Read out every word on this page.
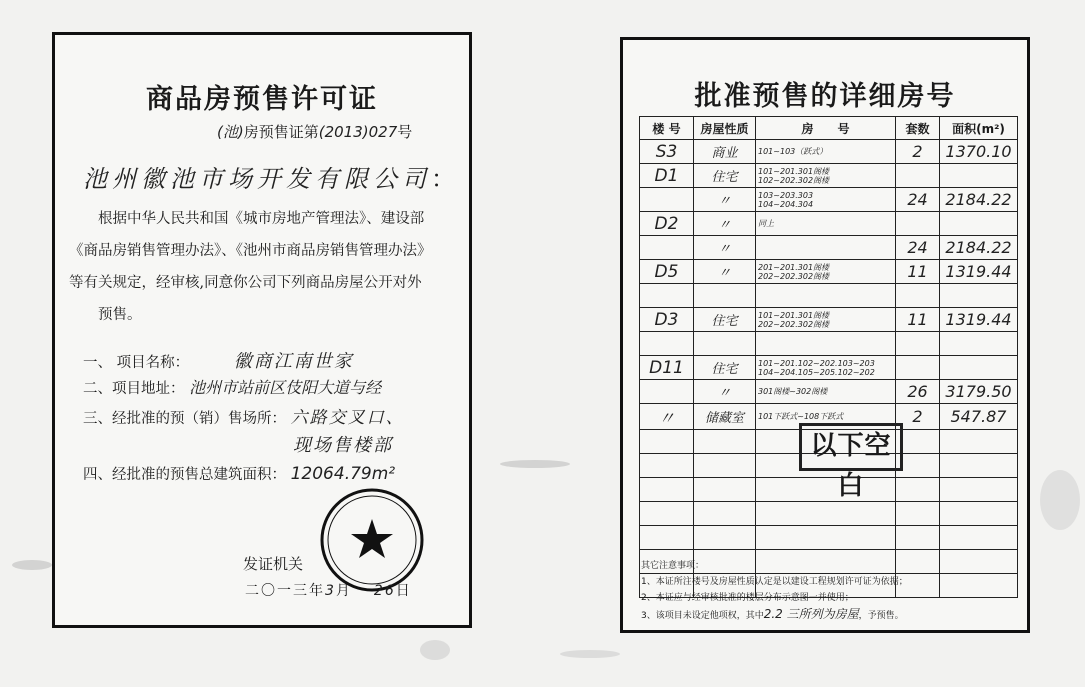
商品房预售许可证
(池)房预售证第(2013)027号
池州徽池市场开发有限公司：

根据中华人民共和国《城市房地产管理法》、建设部

《商品房销售管理办法》、《池州市商品房销售管理办法》
等有关规定，经审核,同意你公司下列商品房屋公开对外

预售。

一、 项目名称： 徽商江南世家
二、项目地址： 池州市站前区伎阳大道与经
三、经批准的预（销）售场所： 六路交叉口、
现场售楼部
四、经批准的预售总建筑面积： 12064.79m²
发证机关
二〇一三年3月 26日
批准预售的详细房号
楼 号	房屋性质	房　　号	套数	面积(m²)
S3	商业	101~103（跃式）	2	1370.10
D1	住宅	101~201.301阁楼
102~202.302阁楼		
	〃	103~203.303
104~204.304	24	2184.22
D2	〃	同上		
	〃		24	2184.22
D5	〃	201~201.301阁楼
202~202.302阁楼	11	1319.44

D3	住宅	101~201.301阁楼
202~202.302阁楼	11	1319.44

D11	住宅	101~201.102~202.103~203
104~204.105~205.102~202		
	〃	301阁楼~302阁楼	26	3179.50
〃	储藏室	101下跃式~108下跃式	2	547.87

以下空白
其它注意事项：
1、本证所注楼号及房屋性质认定是以建设工程规划许可证为依据；
2、本证应与经审核批准的楼层分布示意图一并使用；
3、该项目未设定他项权，其中2.2 三所列为房屋，予预售。
